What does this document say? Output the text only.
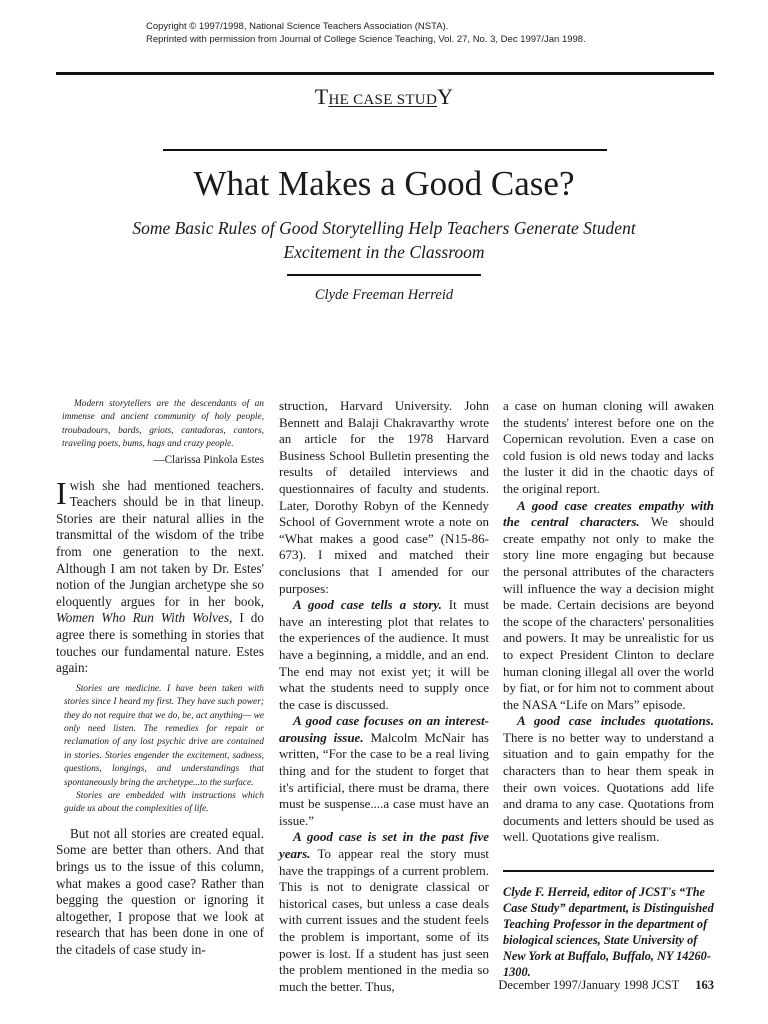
Copyright © 1997/1998, National Science Teachers Association (NSTA).
Reprinted with permission from Journal of College Science Teaching, Vol. 27, No. 3, Dec 1997/Jan 1998.
THE CASE STUDY
What Makes a Good Case?
Some Basic Rules of Good Storytelling Help Teachers Generate Student Excitement in the Classroom
Clyde Freeman Herreid

Modern storytellers are the descendants of an immense and ancient community of holy people, troubadours, bards, griots, cantadoras, cantors, traveling poets, bums, hags and crazy people.

—Clarissa Pinkola Estes

I wish she had mentioned teachers. Teachers should be in that lineup. Stories are their natural allies in the transmittal of the wisdom of the tribe from one generation to the next. Although I am not taken by Dr. Estes' notion of the Jungian archetype she so eloquently argues for in her book, Women Who Run With Wolves, I do agree there is something in stories that touches our fundamental nature. Estes again:

Stories are medicine. I have been taken with stories since I heard my first. They have such power; they do not require that we do, be, act anything— we only need listen. The remedies for repair or reclamation of any lost psychic drive are contained in stories. Stories engender the excitement, sadness, questions, longings, and understandings that spontaneously bring the archetype...to the surface.

Stories are embedded with instructions which guide us about the complexities of life.

But not all stories are created equal. Some are better than others. And that brings us to the issue of this column, what makes a good case? Rather than begging the question or ignoring it altogether, I propose that we look at research that has been done in one of the citadels of case study in-

struction, Harvard University. John Bennett and Balaji Chakravarthy wrote an article for the 1978 Harvard Business School Bulletin presenting the results of detailed interviews and questionnaires of faculty and students. Later, Dorothy Robyn of the Kennedy School of Government wrote a note on “What makes a good case” (N15-86-673). I mixed and matched their conclusions that I amended for our purposes:

A good case tells a story. It must have an interesting plot that relates to the experiences of the audience. It must have a beginning, a middle, and an end. The end may not exist yet; it will be what the students need to supply once the case is discussed.

A good case focuses on an interest-arousing issue. Malcolm McNair has written, “For the case to be a real living thing and for the student to forget that it's artificial, there must be drama, there must be suspense....a case must have an issue.”

A good case is set in the past five years. To appear real the story must have the trappings of a current problem. This is not to denigrate classical or historical cases, but unless a case deals with current issues and the student feels the problem is important, some of its power is lost. If a student has just seen the problem mentioned in the media so much the better. Thus,

a case on human cloning will awaken the students' interest before one on the Copernican revolution. Even a case on cold fusion is old news today and lacks the luster it did in the chaotic days of the original report.

A good case creates empathy with the central characters. We should create empathy not only to make the story line more engaging but because the personal attributes of the characters will influence the way a decision might be made. Certain decisions are beyond the scope of the characters' personalities and powers. It may be unrealistic for us to expect President Clinton to declare human cloning illegal all over the world by fiat, or for him not to comment about the NASA “Life on Mars” episode.

A good case includes quotations. There is no better way to understand a situation and to gain empathy for the characters than to hear them speak in their own voices. Quotations add life and drama to any case. Quotations from documents and letters should be used as well. Quotations give realism.

Clyde F. Herreid, editor of JCST's “The Case Study” department, is Distinguished Teaching Professor in the department of biological sciences, State University of New York at Buffalo, Buffalo, NY 14260-1300.

December 1997/January 1998 JCST 163
